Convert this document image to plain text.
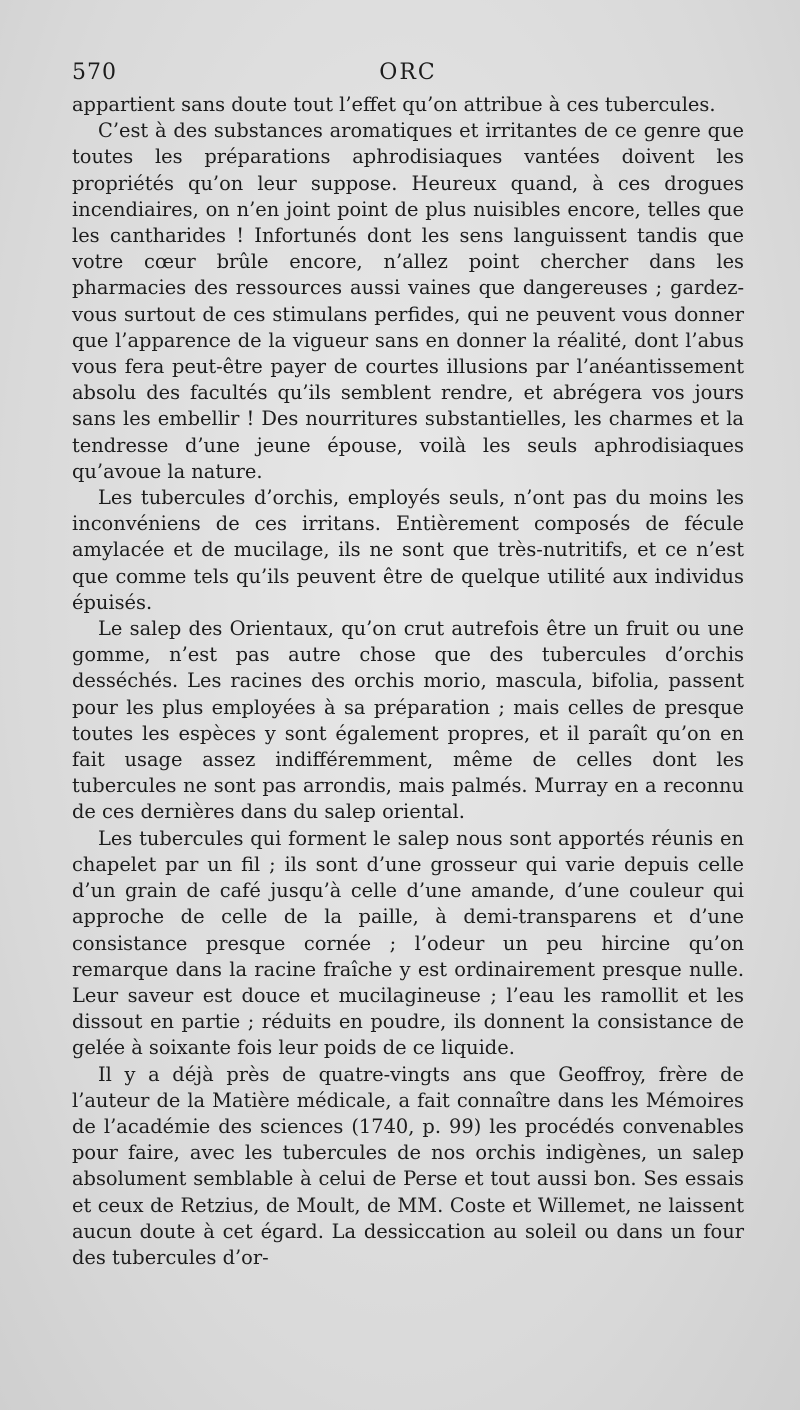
570	ORC

appartient sans doute tout l’effet qu’on attribue à ces tubercules.

C’est à des substances aromatiques et irritantes de ce genre que toutes les préparations aphrodisiaques vantées doivent les propriétés qu’on leur suppose. Heureux quand, à ces drogues incendiaires, on n’en joint point de plus nuisibles encore, telles que les cantharides ! Infortunés dont les sens languissent tandis que votre cœur brûle encore, n’allez point chercher dans les pharmacies des ressources aussi vaines que dangereuses ; gardez-vous surtout de ces stimulans perfides, qui ne peuvent vous donner que l’apparence de la vigueur sans en donner la réalité, dont l’abus vous fera peut-être payer de courtes illusions par l’anéantissement absolu des facultés qu’ils semblent rendre, et abrégera vos jours sans les embellir ! Des nourritures substantielles, les charmes et la tendresse d’une jeune épouse, voilà les seuls aphrodisiaques qu’avoue la nature.

Les tubercules d’orchis, employés seuls, n’ont pas du moins les inconvéniens de ces irritans. Entièrement composés de fécule amylacée et de mucilage, ils ne sont que très-nutritifs, et ce n’est que comme tels qu’ils peuvent être de quelque utilité aux individus épuisés.

Le salep des Orientaux, qu’on crut autrefois être un fruit ou une gomme, n’est pas autre chose que des tubercules d’orchis desséchés. Les racines des orchis morio, mascula, bifolia, passent pour les plus employées à sa préparation ; mais celles de presque toutes les espèces y sont également propres, et il paraît qu’on en fait usage assez indifféremment, même de celles dont les tubercules ne sont pas arrondis, mais palmés. Murray en a reconnu de ces dernières dans du salep oriental.

Les tubercules qui forment le salep nous sont apportés réunis en chapelet par un fil ; ils sont d’une grosseur qui varie depuis celle d’un grain de café jusqu’à celle d’une amande, d’une couleur qui approche de celle de la paille, à demi-transparens et d’une consistance presque cornée ; l’odeur un peu hircine qu’on remarque dans la racine fraîche y est ordinairement presque nulle. Leur saveur est douce et mucilagineuse ; l’eau les ramollit et les dissout en partie ; réduits en poudre, ils donnent la consistance de gelée à soixante fois leur poids de ce liquide.

Il y a déjà près de quatre-vingts ans que Geoffroy, frère de l’auteur de la Matière médicale, a fait connaître dans les Mémoires de l’académie des sciences (1740, p. 99) les procédés convenables pour faire, avec les tubercules de nos orchis indigènes, un salep absolument semblable à celui de Perse et tout aussi bon. Ses essais et ceux de Retzius, de Moult, de MM. Coste et Willemet, ne laissent aucun doute à cet égard. La dessiccation au soleil ou dans un four des tubercules d’or-
